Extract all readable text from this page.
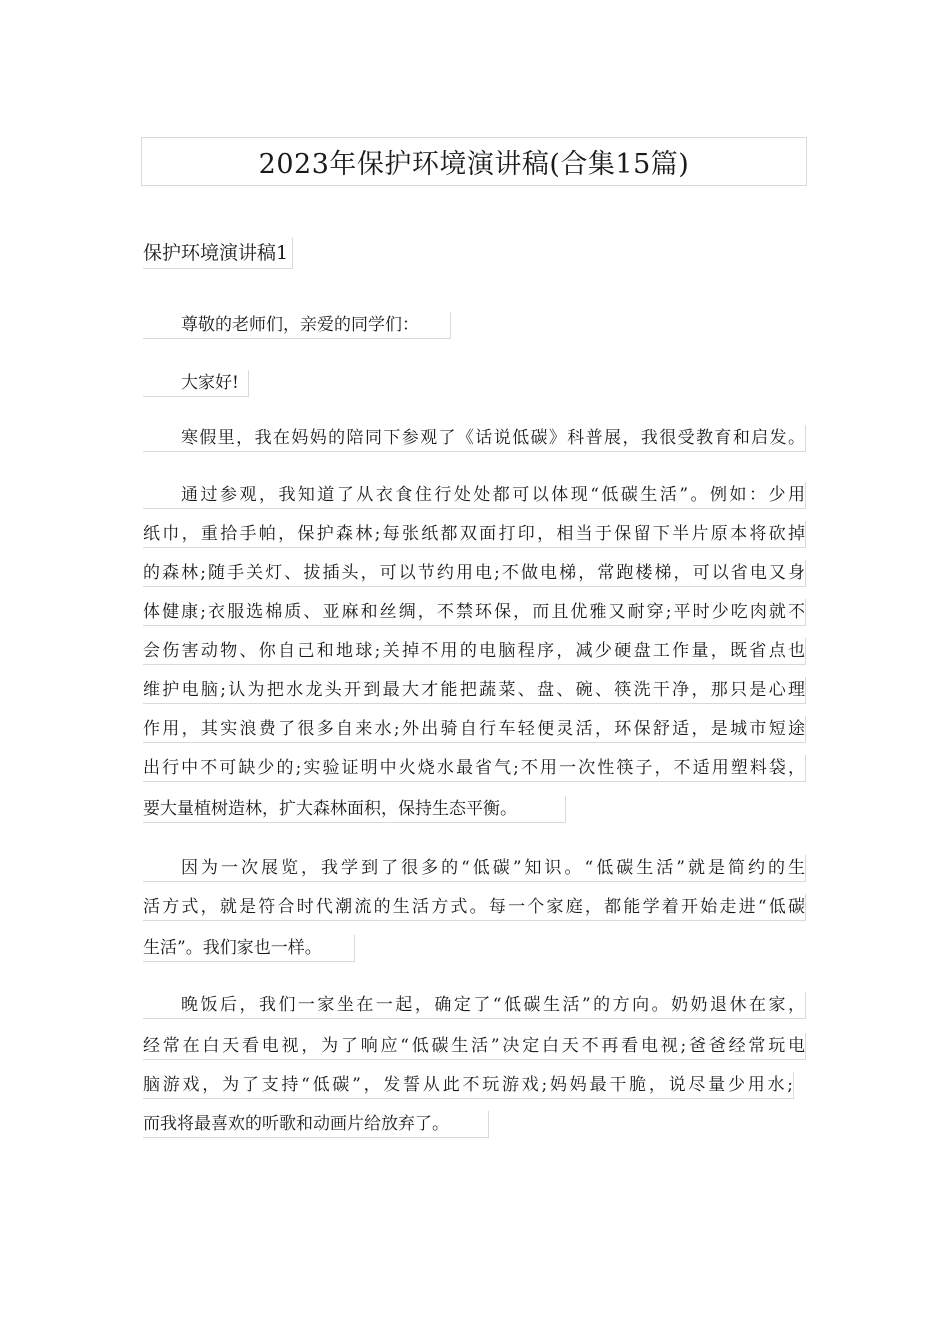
2023年保护环境演讲稿(合集15篇)
保护环境演讲稿1
尊敬的老师们，亲爱的同学们：
大家好!
寒假里，我在妈妈的陪同下参观了《话说低碳》科普展，我很受教育和启发。
通过参观，我知道了从衣食住行处处都可以体现“低碳生活”。例如：少用
纸巾，重拾手帕，保护森林;每张纸都双面打印，相当于保留下半片原本将砍掉
的森林;随手关灯、拔插头，可以节约用电;不做电梯，常跑楼梯，可以省电又身
体健康;衣服选棉质、亚麻和丝绸，不禁环保，而且优雅又耐穿;平时少吃肉就不
会伤害动物、你自己和地球;关掉不用的电脑程序，减少硬盘工作量，既省点也
维护电脑;认为把水龙头开到最大才能把蔬菜、盘、碗、筷洗干净，那只是心理
作用，其实浪费了很多自来水;外出骑自行车轻便灵活，环保舒适，是城市短途
出行中不可缺少的;实验证明中火烧水最省气;不用一次性筷子，不适用塑料袋，
要大量植树造林，扩大森林面积，保持生态平衡。
因为一次展览，我学到了很多的“低碳”知识。“低碳生活”就是简约的生
活方式，就是符合时代潮流的生活方式。每一个家庭，都能学着开始走进“低碳
生活”。我们家也一样。
晚饭后，我们一家坐在一起，确定了“低碳生活”的方向。奶奶退休在家，
经常在白天看电视，为了响应“低碳生活”决定白天不再看电视;爸爸经常玩电
脑游戏，为了支持“低碳”，发誓从此不玩游戏;妈妈最干脆，说尽量少用水;
而我将最喜欢的听歌和动画片给放弃了。
